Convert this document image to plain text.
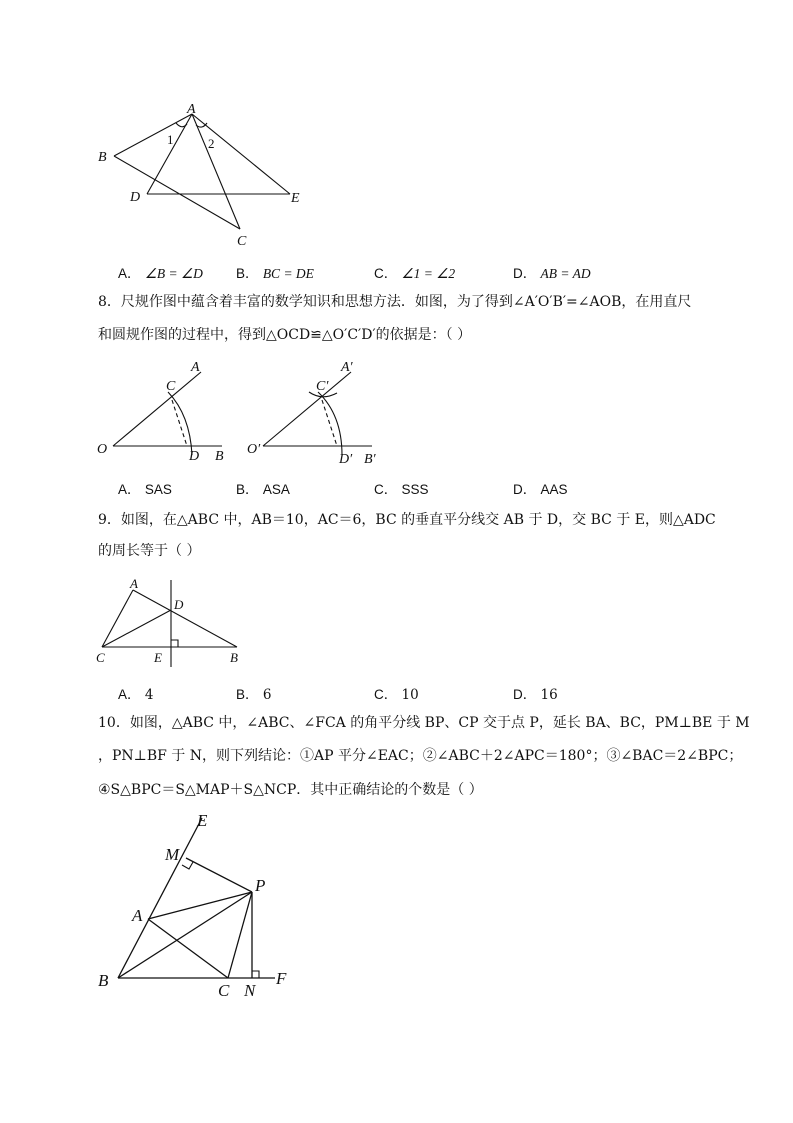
A
B
C
D	E
1	2
A． ∠B = ∠D B． BC = DE	C． ∠1 = ∠2	D． AB = AD
8．尺规作图中蕴含着丰富的数学知识和思想方法．如图，为了得到∠A′O′B′=∠AOB，在用直尺
和圆规作图的过程中，得到△OCD≌△O′C′D′的依据是：（ ）
O
A
C
D B O′
A′
C′
D′ B′
A． SAS	B． ASA	C． SSS	D． AAS
9．如图，在△ABC 中，AB＝10，AC＝6，BC 的垂直平分线交 AB 于 D，交 BC 于 E，则△ADC
的周长等于（ ）
A
D
C	E	B
A． 4	B． 6	C． 10	D． 16
10．如图，△ABC 中，∠ABC、∠FCA 的角平分线 BP、CP 交于点 P，延长 BA、BC，PM⊥BE 于 M
，PN⊥BF 于 N，则下列结论：①AP 平分∠EAC；②∠ABC＋2∠APC＝180°；③∠BAC＝2∠BPC；
④S△BPC＝S△MAP＋S△NCP．其中正确结论的个数是（ ）
E
M
P
A
B
C N
F
